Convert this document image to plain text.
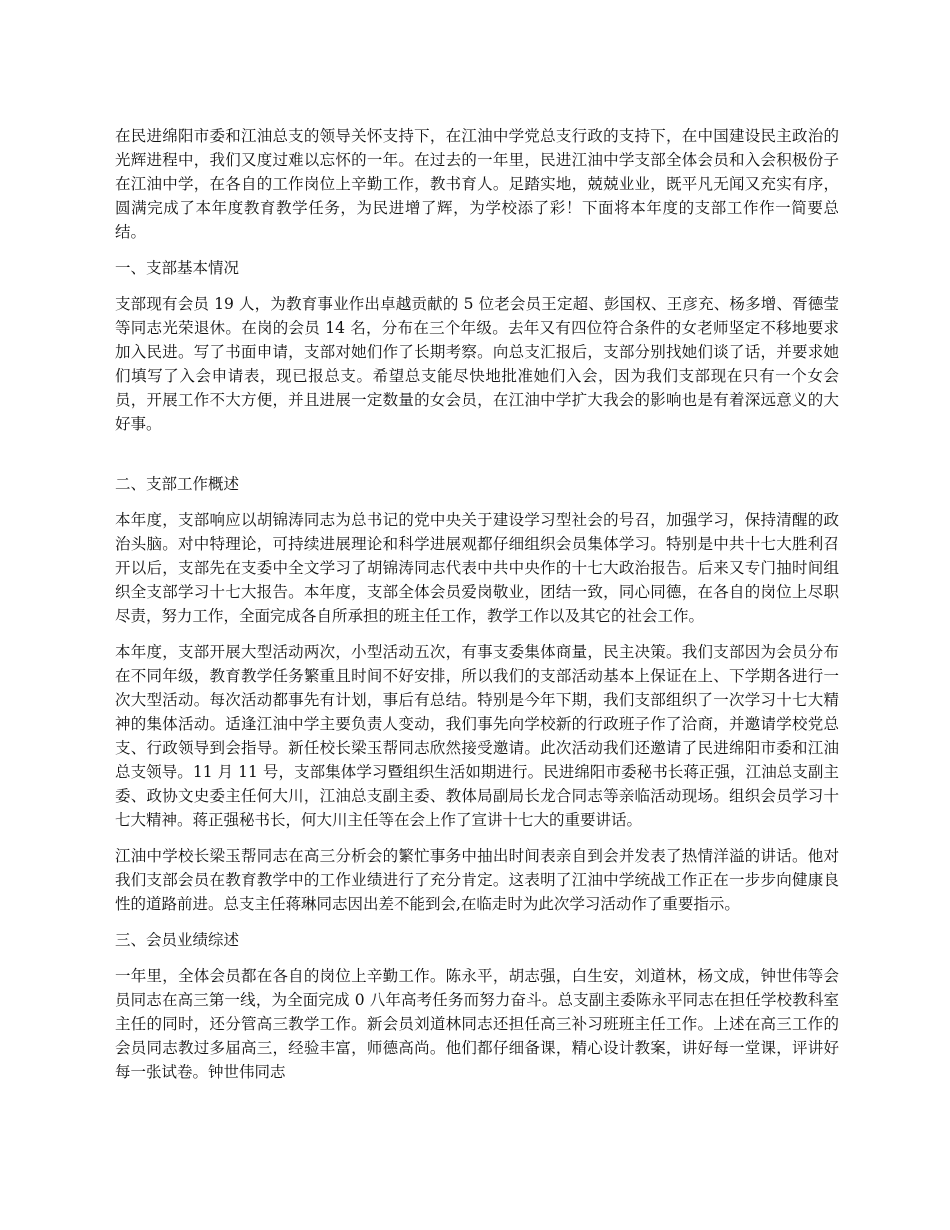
在民进绵阳市委和江油总支的领导关怀支持下，在江油中学党总支行政的支持下，在中国建设民主政治的光辉进程中，我们又度过难以忘怀的一年。在过去的一年里，民进江油中学支部全体会员和入会积极份子在江油中学，在各自的工作岗位上辛勤工作，教书育人。足踏实地，兢兢业业，既平凡无闻又充实有序，圆满完成了本年度教育教学任务，为民进增了辉，为学校添了彩！下面将本年度的支部工作作一简要总结。

一、支部基本情况

支部现有会员 19 人，为教育事业作出卓越贡献的 5 位老会员王定超、彭国权、王彦充、杨多增、胥德莹等同志光荣退休。在岗的会员 14 名，分布在三个年级。去年又有四位符合条件的女老师坚定不移地要求加入民进。写了书面申请，支部对她们作了长期考察。向总支汇报后，支部分别找她们谈了话，并要求她们填写了入会申请表，现已报总支。希望总支能尽快地批准她们入会，因为我们支部现在只有一个女会员，开展工作不大方便，并且进展一定数量的女会员，在江油中学扩大我会的影响也是有着深远意义的大好事。

二、支部工作概述

本年度，支部响应以胡锦涛同志为总书记的党中央关于建设学习型社会的号召，加强学习，保持清醒的政治头脑。对中特理论，可持续进展理论和科学进展观都仔细组织会员集体学习。特别是中共十七大胜利召开以后，支部先在支委中全文学习了胡锦涛同志代表中共中央作的十七大政治报告。后来又专门抽时间组织全支部学习十七大报告。本年度，支部全体会员爱岗敬业，团结一致，同心同德，在各自的岗位上尽职尽责，努力工作，全面完成各自所承担的班主任工作，教学工作以及其它的社会工作。

本年度，支部开展大型活动两次，小型活动五次，有事支委集体商量，民主决策。我们支部因为会员分布在不同年级，教育教学任务繁重且时间不好安排，所以我们的支部活动基本上保证在上、下学期各进行一次大型活动。每次活动都事先有计划，事后有总结。特别是今年下期，我们支部组织了一次学习十七大精神的集体活动。适逢江油中学主要负责人变动，我们事先向学校新的行政班子作了洽商，并邀请学校党总支、行政领导到会指导。新任校长梁玉帮同志欣然接受邀请。此次活动我们还邀请了民进绵阳市委和江油总支领导。11 月 11 号，支部集体学习暨组织生活如期进行。民进绵阳市委秘书长蒋正强，江油总支副主委、政协文史委主任何大川，江油总支副主委、教体局副局长龙合同志等亲临活动现场。组织会员学习十七大精神。蒋正强秘书长，何大川主任等在会上作了宣讲十七大的重要讲话。

江油中学校长梁玉帮同志在高三分析会的繁忙事务中抽出时间表亲自到会并发表了热情洋溢的讲话。他对我们支部会员在教育教学中的工作业绩进行了充分肯定。这表明了江油中学统战工作正在一步步向健康良性的道路前进。总支主任蒋琳同志因出差不能到会,在临走时为此次学习活动作了重要指示。

三、会员业绩综述

一年里，全体会员都在各自的岗位上辛勤工作。陈永平，胡志强，白生安，刘道林，杨文成，钟世伟等会员同志在高三第一线，为全面完成 0 八年高考任务而努力奋斗。总支副主委陈永平同志在担任学校教科室主任的同时，还分管高三教学工作。新会员刘道林同志还担任高三补习班班主任工作。上述在高三工作的会员同志教过多届高三，经验丰富，师德高尚。他们都仔细备课，精心设计教案，讲好每一堂课，评讲好每一张试卷。钟世伟同志
